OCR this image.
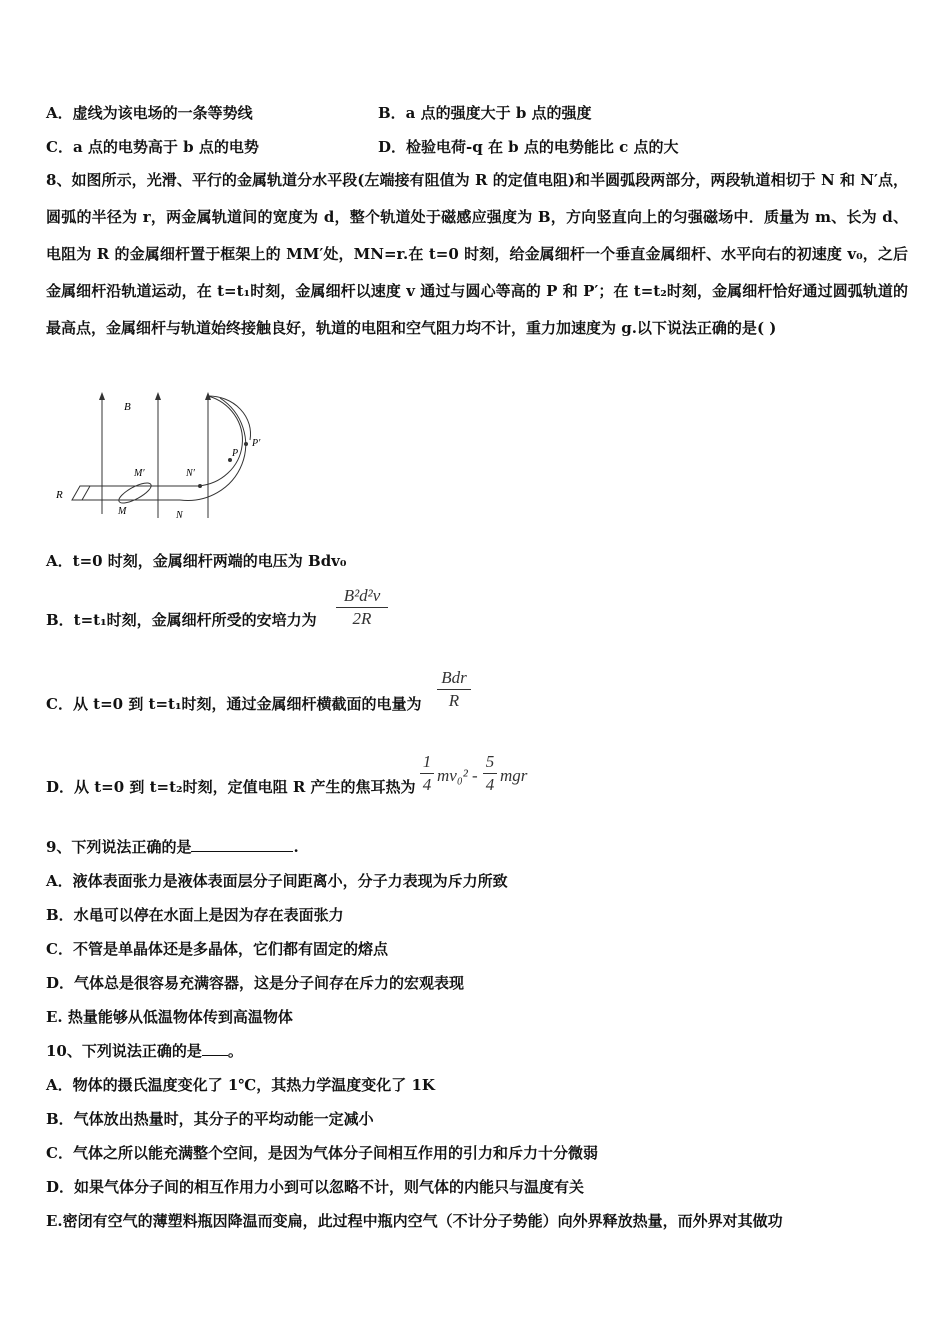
A．虚线为该电场的一条等势线	B．a 点的强度大于 b 点的强度
C．a 点的电势高于 b 点的电势	D．检验电荷-q 在 b 点的电势能比 c 点的大
8、如图所示，光滑、平行的金属轨道分水平段(左端接有阻值为 R 的定值电阻)和半圆弧段两部分，两段轨道相切于 N 和 N′点，圆弧的半径为 r，两金属轨道间的宽度为 d，整个轨道处于磁感应强度为 B，方向竖直向上的匀强磁场中．质量为 m、长为 d、电阻为 R 的金属细杆置于框架上的 MM′处，MN=r.在 t=0 时刻，给金属细杆一个垂直金属细杆、水平向右的初速度 v₀，之后金属细杆沿轨道运动，在 t=t₁时刻，金属细杆以速度 v 通过与圆心等高的 P 和 P′；在 t=t₂时刻，金属细杆恰好通过圆弧轨道的最高点，金属细杆与轨道始终接触良好，轨道的电阻和空气阻力均不计，重力加速度为 g.以下说法正确的是( )
B
R
M′
M
N′
N
P
P′
A．t=0 时刻，金属细杆两端的电压为 Bdv₀
B．t=t₁时刻，金属细杆所受的安培力为
B²d²v
2R
C．从 t=0 到 t=t₁时刻，通过金属细杆横截面的电量为
Bdr
R
D．从 t=0 到 t=t₂时刻，定值电阻 R 产生的焦耳热为
1
4 mv₀² -
5
4 mgr
9、下列说法正确的是	.
A．液体表面张力是液体表面层分子间距离小，分子力表现为斥力所致
B．水黾可以停在水面上是因为存在表面张力
C．不管是单晶体还是多晶体，它们都有固定的熔点
D．气体总是很容易充满容器，这是分子间存在斥力的宏观表现
E. 热量能够从低温物体传到高温物体
10、下列说法正确的是 。
A．物体的摄氏温度变化了 1℃，其热力学温度变化了 1K
B．气体放出热量时，其分子的平均动能一定减小
C．气体之所以能充满整个空间，是因为气体分子间相互作用的引力和斥力十分微弱
D．如果气体分子间的相互作用力小到可以忽略不计，则气体的内能只与温度有关
E.密闭有空气的薄塑料瓶因降温而变扁，此过程中瓶内空气（不计分子势能）向外界释放热量，而外界对其做功
